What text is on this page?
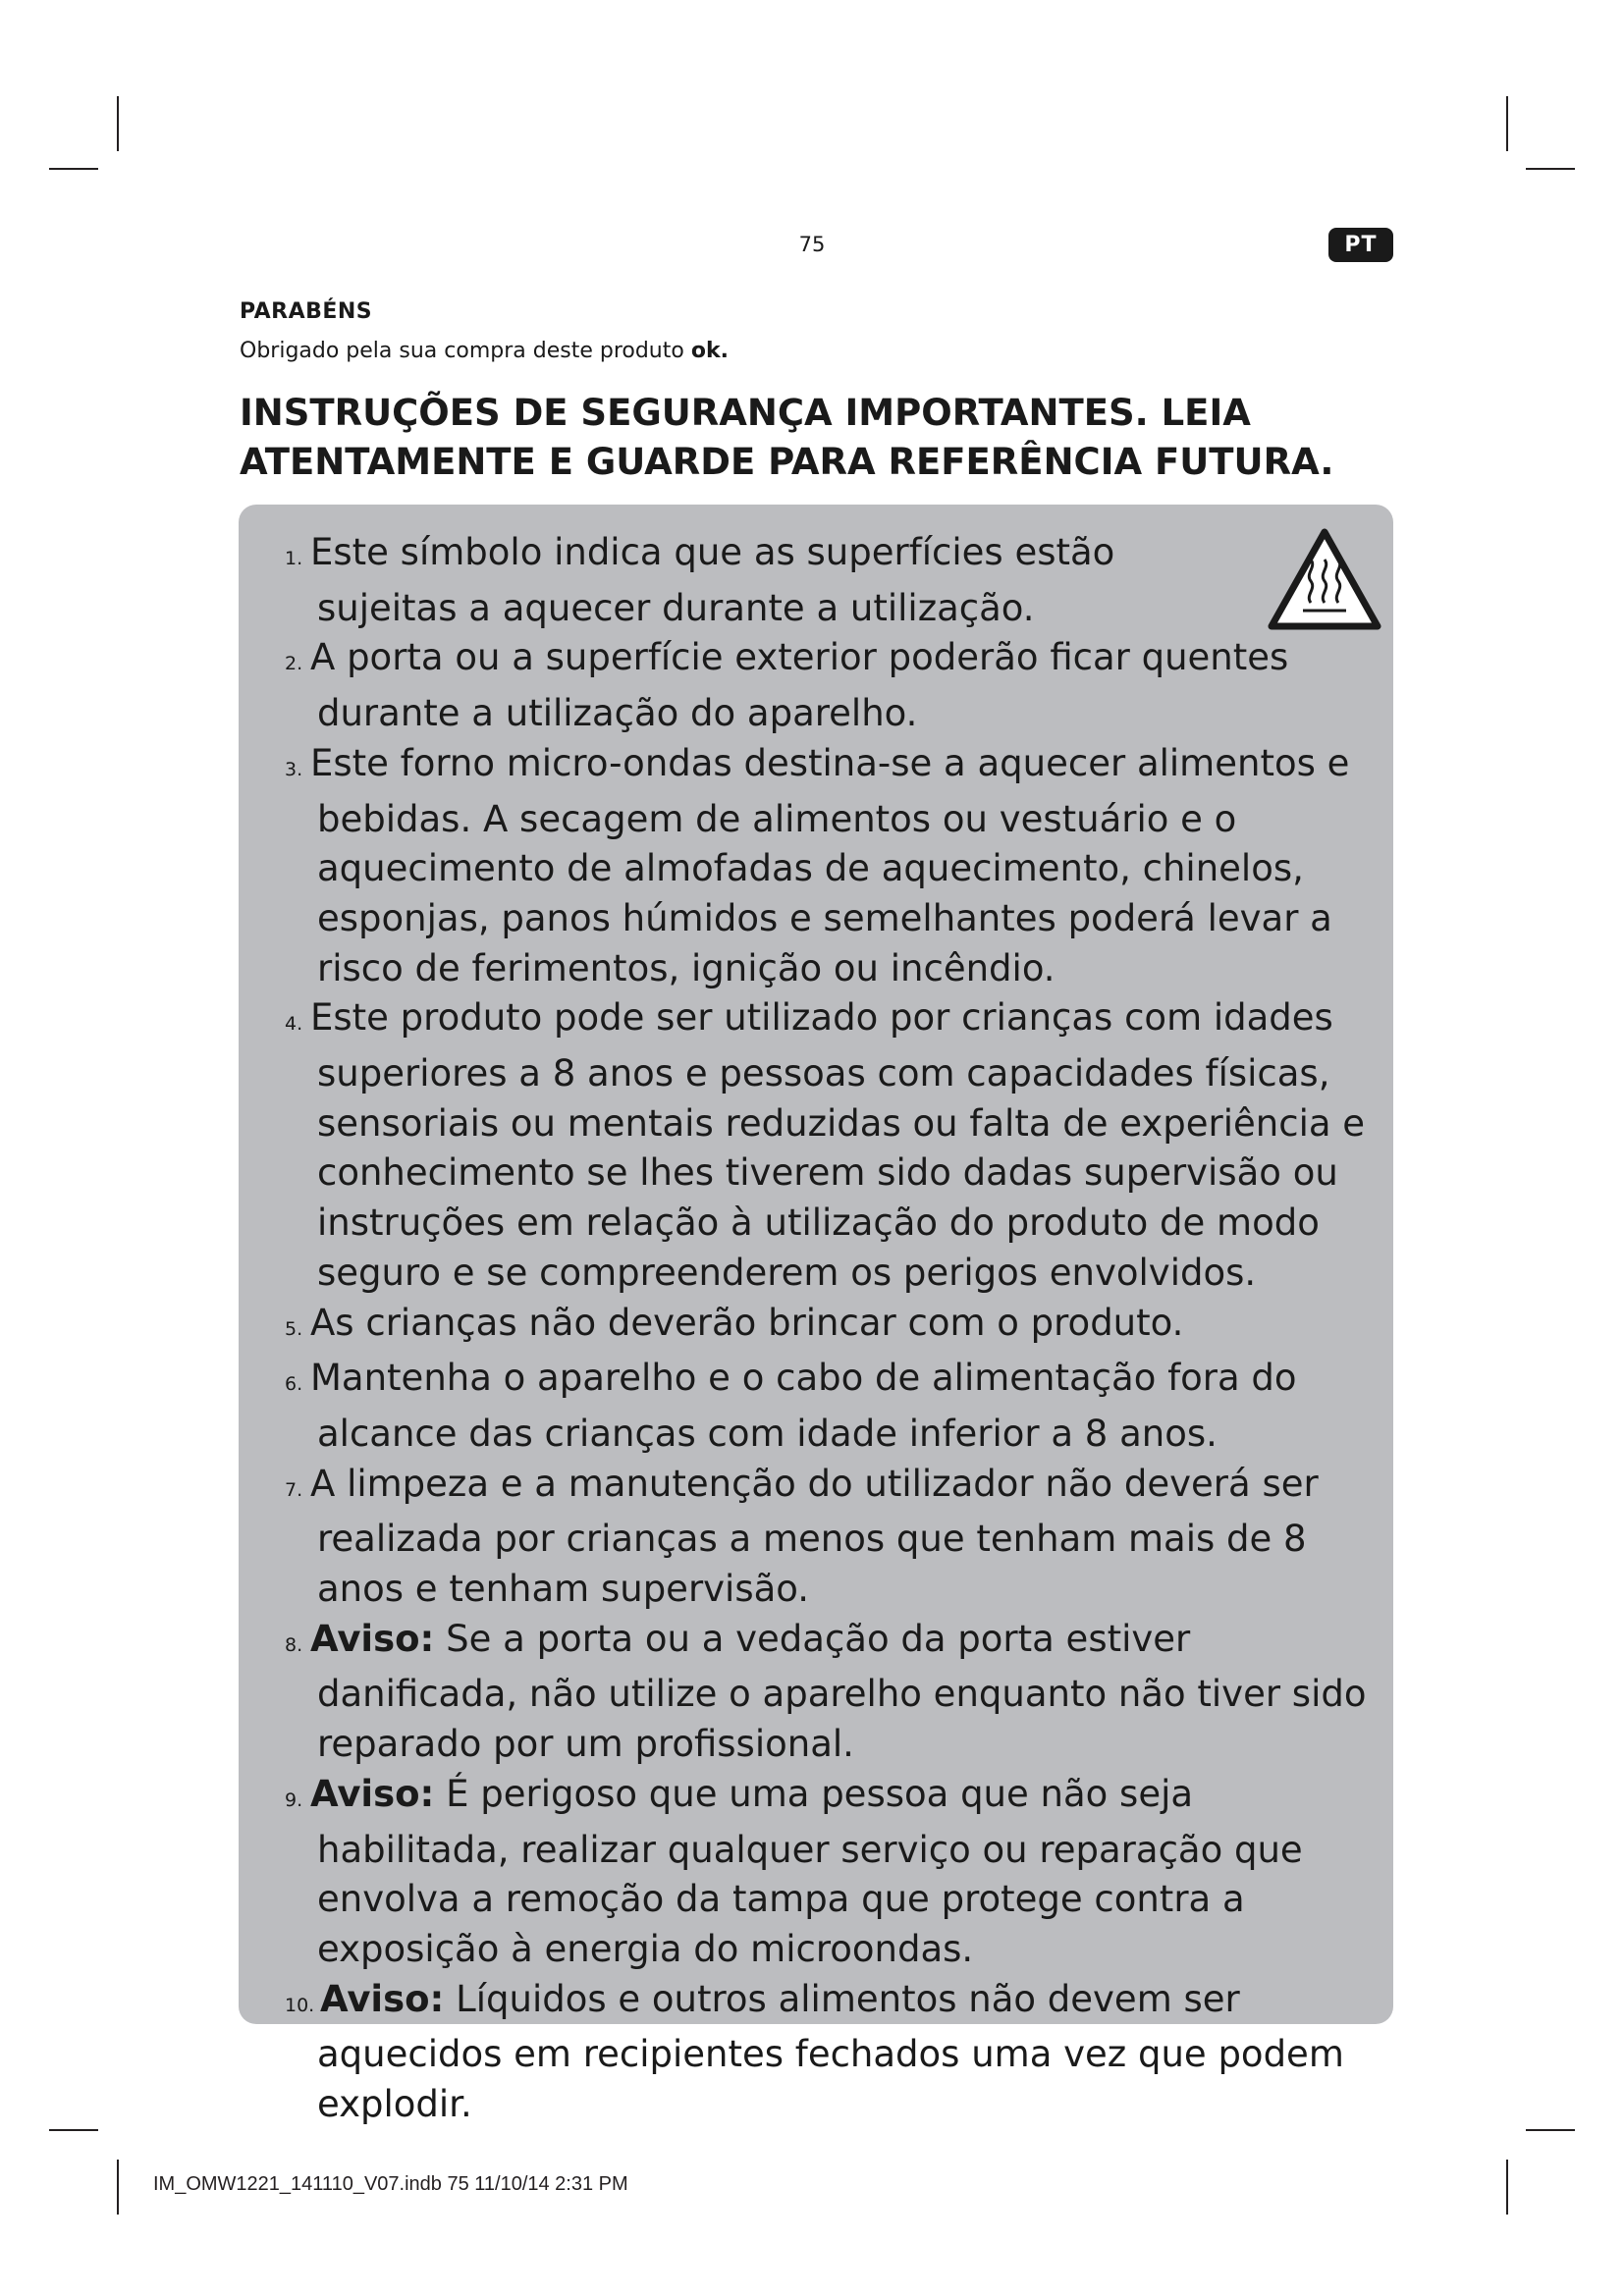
75	PT
PARABÉNS
Obrigado pela sua compra deste produto ok.
INSTRUÇÕES DE SEGURANÇA IMPORTANTES. LEIA ATENTAMENTE E GUARDE PARA REFERÊNCIA FUTURA.
1. Este símbolo indica que as superfícies estão sujeitas a aquecer durante a utilização.
2. A porta ou a superfície exterior poderão ficar quentes durante a utilização do aparelho.
3. Este forno micro-ondas destina-se a aquecer alimentos e bebidas. A secagem de alimentos ou vestuário e o aquecimento de almofadas de aquecimento, chinelos, esponjas, panos húmidos e semelhantes poderá levar a risco de ferimentos, ignição ou incêndio.
4. Este produto pode ser utilizado por crianças com idades superiores a 8 anos e pessoas com capacidades físicas, sensoriais ou mentais reduzidas ou falta de experiência e conhecimento se lhes tiverem sido dadas supervisão ou instruções em relação à utilização do produto de modo seguro e se compreenderem os perigos envolvidos.
5. As crianças não deverão brincar com o produto.
6. Mantenha o aparelho e o cabo de alimentação fora do alcance das crianças com idade inferior a 8 anos.
7. A limpeza e a manutenção do utilizador não deverá ser realizada por crianças a menos que tenham mais de 8 anos e tenham supervisão.
8. Aviso: Se a porta ou a vedação da porta estiver danificada, não utilize o aparelho enquanto não tiver sido reparado por um profissional.
9. Aviso: É perigoso que uma pessoa que não seja habilitada, realizar qualquer serviço ou reparação que envolva a remoção da tampa que protege contra a exposição à energia do microondas.
10. Aviso: Líquidos e outros alimentos não devem ser aquecidos em recipientes fechados uma vez que podem explodir.
IM_OMW1221_141110_V07.indb 75 11/10/14 2:31 PM
